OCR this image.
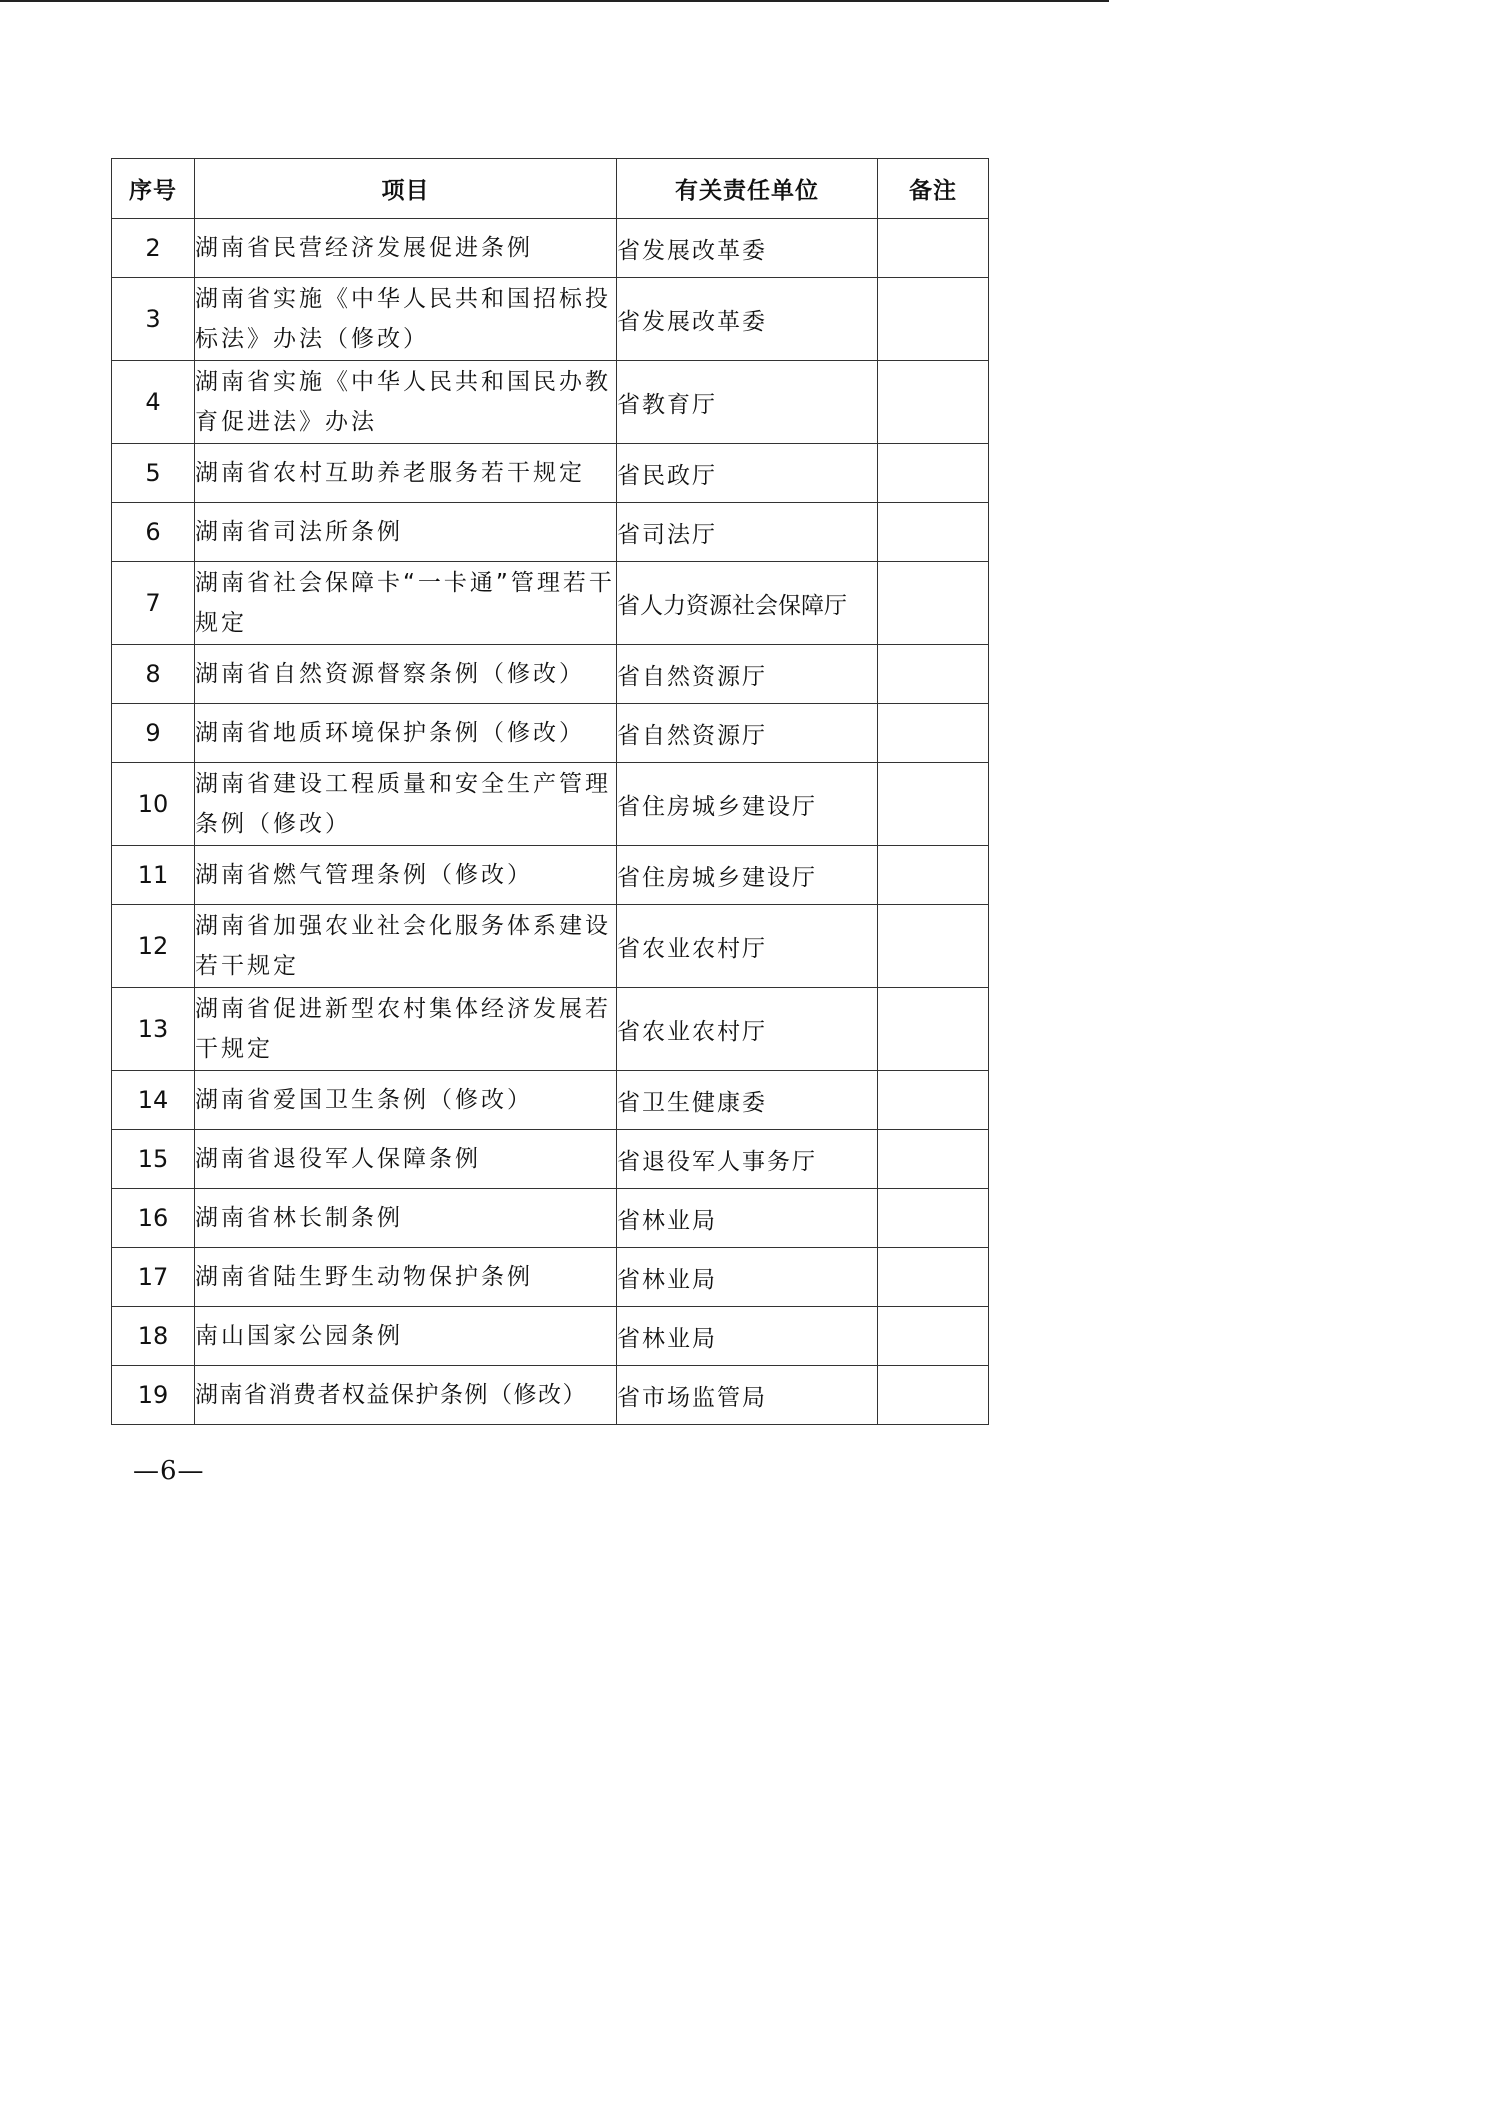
序号	项目	有关责任单位	备注
2	湖南省民营经济发展促进条例	省发展改革委	
3	湖南省实施《中华人民共和国招标投标法》办法（修改）	省发展改革委	
4	湖南省实施《中华人民共和国民办教育促进法》办法	省教育厅	
5	湖南省农村互助养老服务若干规定	省民政厅	
6	湖南省司法所条例	省司法厅	
7	湖南省社会保障卡“一卡通”管理若干规定	省人力资源社会保障厅	
8	湖南省自然资源督察条例（修改）	省自然资源厅	
9	湖南省地质环境保护条例（修改）	省自然资源厅	
10	湖南省建设工程质量和安全生产管理条例（修改）	省住房城乡建设厅	
11	湖南省燃气管理条例（修改）	省住房城乡建设厅	
12	湖南省加强农业社会化服务体系建设若干规定	省农业农村厅	
13	湖南省促进新型农村集体经济发展若干规定	省农业农村厅	
14	湖南省爱国卫生条例（修改）	省卫生健康委	
15	湖南省退役军人保障条例	省退役军人事务厅	
16	湖南省林长制条例	省林业局	
17	湖南省陆生野生动物保护条例	省林业局	
18	南山国家公园条例	省林业局	
19	湖南省消费者权益保护条例（修改）	省市场监管局	
—6—
